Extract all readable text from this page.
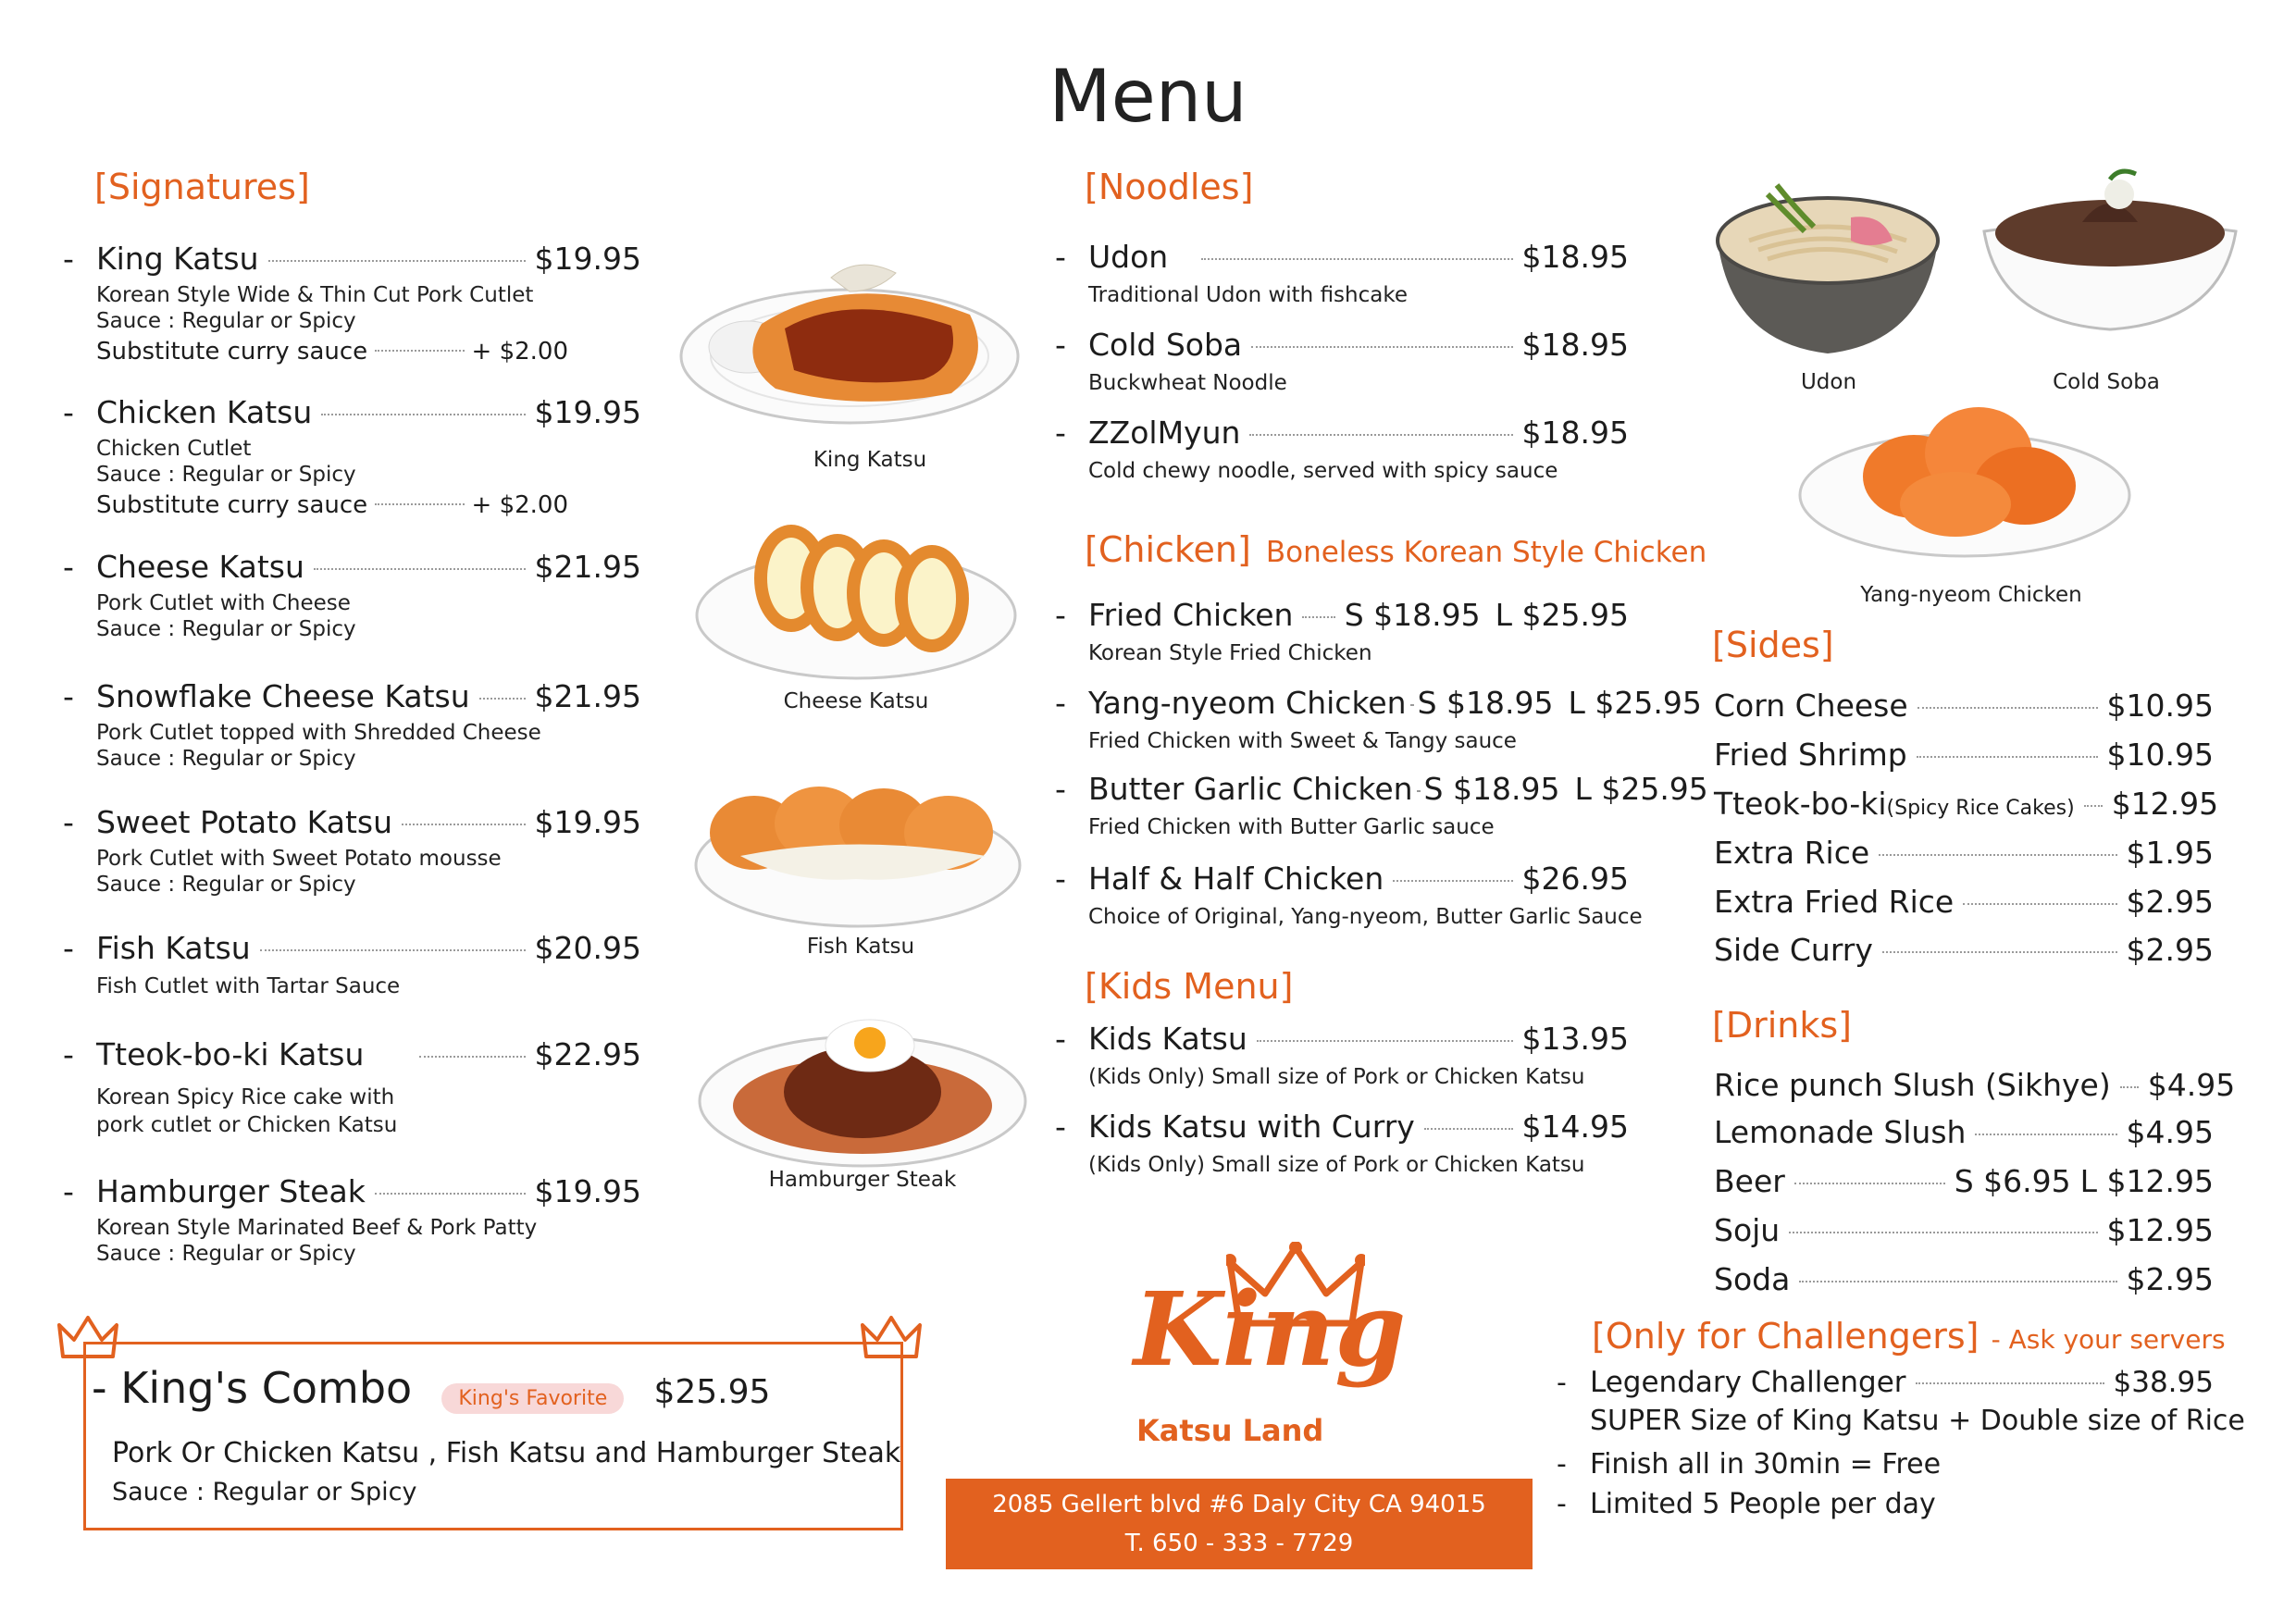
Menu
[Signatures]
- King Katsu	$19.95
Korean Style Wide & Thin Cut Pork Cutlet
Sauce : Regular or Spicy
Substitute curry sauce	+ $2.00
- Chicken Katsu	$19.95
Chicken Cutlet
Sauce : Regular or Spicy
Substitute curry sauce	+ $2.00
- Cheese Katsu	$21.95
Pork Cutlet with Cheese
Sauce : Regular or Spicy
- Snowflake Cheese Katsu $21.95
Pork Cutlet topped with Shredded Cheese
Sauce : Regular or Spicy
- Sweet Potato Katsu	$19.95
Pork Cutlet with Sweet Potato mousse
Sauce : Regular or Spicy
- Fish Katsu	$20.95
Fish Cutlet with Tartar Sauce
- Tteok-bo-ki Katsu	$22.95
Korean Spicy Rice cake with
pork cutlet or Chicken Katsu
- Hamburger Steak	$19.95
Korean Style Marinated Beef & Pork Patty
Sauce : Regular or Spicy
King Katsu
Cheese Katsu
Fish Katsu
Hamburger Steak
[Noodles]
- Udon	$18.95
Traditional Udon with fishcake
- Cold Soba	$18.95
Buckwheat Noodle
- ZZolMyun	$18.95
Cold chewy noodle, served with spicy sauce
[Chicken] Boneless Korean Style Chicken
- Fried Chicken S $18.95 L $25.95
Korean Style Fried Chicken
- Yang-nyeom Chicken S $18.95 L $25.95
Fried Chicken with Sweet & Tangy sauce
- Butter Garlic Chicken S $18.95 L $25.95
Fried Chicken with Butter Garlic sauce
- Half & Half Chicken	$26.95
Choice of Original, Yang-nyeom, Butter Garlic Sauce
[Kids Menu]
- Kids Katsu	$13.95
(Kids Only) Small size of Pork or Chicken Katsu
- Kids Katsu with Curry	$14.95
(Kids Only) Small size of Pork or Chicken Katsu
Udon	Cold Soba
Yang-nyeom Chicken
[Sides]
Corn Cheese	$10.95
Fried Shrimp	$10.95
Tteok-bo-ki (Spicy Rice Cakes) $12.95
Extra Rice	$1.95
Extra Fried Rice	$2.95
Side Curry	$2.95
[Drinks]
Rice punch Slush (Sikhye) $4.95
Lemonade Slush	$4.95
Beer	S $6.95 L $12.95
Soju	$12.95
Soda	$2.95
- King's Combo King's Favorite $25.95
Pork Or Chicken Katsu , Fish Katsu and Hamburger Steak
Sauce : Regular or Spicy
King
Katsu Land
2085 Gellert blvd #6 Daly City CA 94015
T. 650 - 333 - 7729
[Only for Challengers] - Ask your servers
- Legendary Challenger	$38.95
SUPER Size of King Katsu + Double size of Rice
- Finish all in 30min = Free
- Limited 5 People per day
